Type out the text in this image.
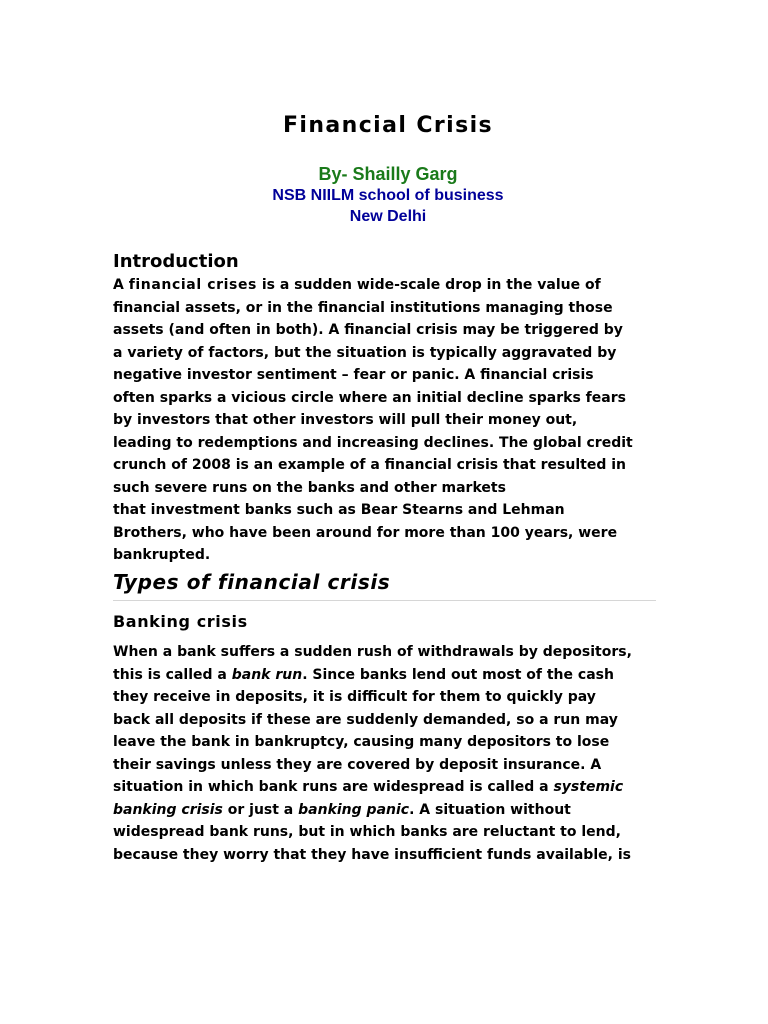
Financial Crisis

By- Shailly Garg

NSB NIILM school of business

New Delhi

Introduction

A financial crises is a sudden wide-scale drop in the value of
financial assets, or in the financial institutions managing those
assets (and often in both). A financial crisis may be triggered by
a variety of factors, but the situation is typically aggravated by
negative investor sentiment – fear or panic. A financial crisis
often sparks a vicious circle where an initial decline sparks fears
by investors that other investors will pull their money out,
leading to redemptions and increasing declines. The global credit
crunch of 2008 is an example of a financial crisis that resulted in
such severe runs on the banks and other markets
that investment banks such as Bear Stearns and Lehman
Brothers, who have been around for more than 100 years, were
bankrupted.

Types of financial crisis
Banking crisis

When a bank suffers a sudden rush of withdrawals by depositors,
this is called a bank run. Since banks lend out most of the cash
they receive in deposits, it is difficult for them to quickly pay
back all deposits if these are suddenly demanded, so a run may
leave the bank in bankruptcy, causing many depositors to lose
their savings unless they are covered by deposit insurance. A
situation in which bank runs are widespread is called a systemic
banking crisis or just a banking panic. A situation without
widespread bank runs, but in which banks are reluctant to lend,
because they worry that they have insufficient funds available, is
